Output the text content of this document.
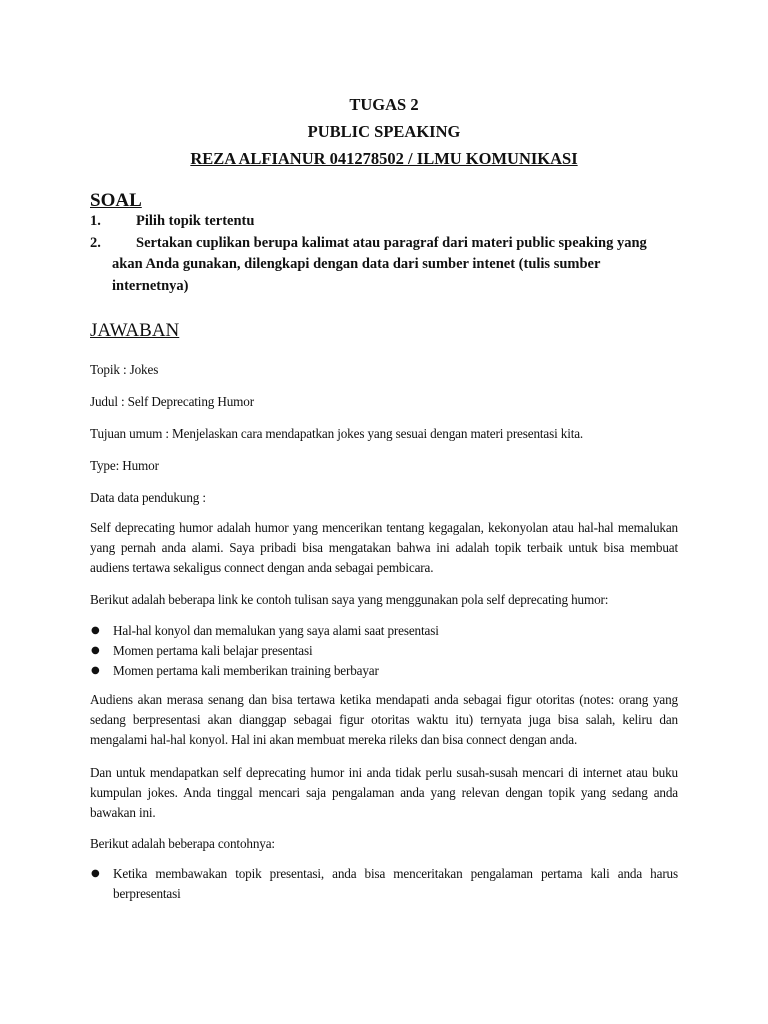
TUGAS 2
PUBLIC SPEAKING
REZA ALFIANUR 041278502 / ILMU KOMUNIKASI
SOAL
1.	Pilih topik tertentu
2.	Sertakan cuplikan berupa kalimat atau paragraf dari materi public speaking yang akan Anda gunakan, dilengkapi dengan data dari sumber intenet (tulis sumber internetnya)
JAWABAN

Topik : Jokes

Judul : Self Deprecating Humor

Tujuan umum : Menjelaskan cara mendapatkan jokes yang sesuai dengan materi presentasi kita.

Type: Humor

Data data pendukung :

Self deprecating humor adalah humor yang mencerikan tentang kegagalan, kekonyolan atau hal-hal memalukan yang pernah anda alami. Saya pribadi bisa mengatakan bahwa ini adalah topik terbaik untuk bisa membuat audiens tertawa sekaligus connect dengan anda sebagai pembicara.

Berikut adalah beberapa link ke contoh tulisan saya yang menggunakan pola self deprecating humor:

● Hal-hal konyol dan memalukan yang saya alami saat presentasi
● Momen pertama kali belajar presentasi
● Momen pertama kali memberikan training berbayar

Audiens akan merasa senang dan bisa tertawa ketika mendapati anda sebagai figur otoritas (notes: orang yang sedang berpresentasi akan dianggap sebagai figur otoritas waktu itu) ternyata juga bisa salah, keliru dan mengalami hal-hal konyol. Hal ini akan membuat mereka rileks dan bisa connect dengan anda.

Dan untuk mendapatkan self deprecating humor ini anda tidak perlu susah-susah mencari di internet atau buku kumpulan jokes. Anda tinggal mencari saja pengalaman anda yang relevan dengan topik yang sedang anda bawakan ini.

Berikut adalah beberapa contohnya:

● Ketika membawakan topik presentasi, anda bisa menceritakan pengalaman pertama kali anda harus berpresentasi
